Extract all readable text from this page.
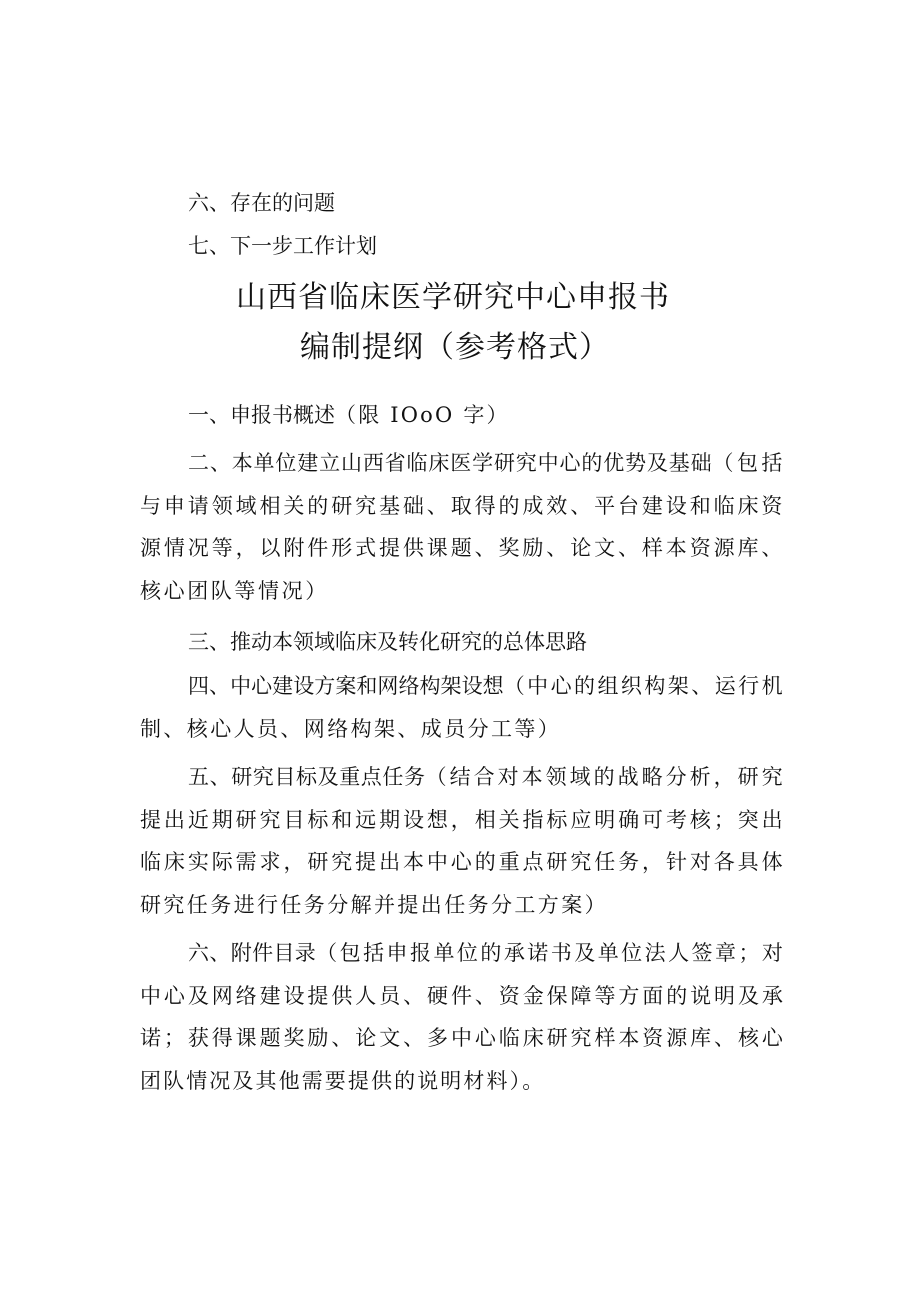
六、存在的问题
七、下一步工作计划
山西省临床医学研究中心申报书
编制提纲（参考格式）
一、申报书概述（限 IOoO 字）
二、本单位建立山西省临床医学研究中心的优势及基础（包括与申请领域相关的研究基础、取得的成效、平台建设和临床资源情况等，以附件形式提供课题、奖励、论文、样本资源库、核心团队等情况）
三、推动本领域临床及转化研究的总体思路
四、中心建设方案和网络构架设想（中心的组织构架、运行机制、核心人员、网络构架、成员分工等）
五、研究目标及重点任务（结合对本领域的战略分析，研究提出近期研究目标和远期设想，相关指标应明确可考核；突出临床实际需求，研究提出本中心的重点研究任务，针对各具体研究任务进行任务分解并提出任务分工方案）
六、附件目录（包括申报单位的承诺书及单位法人签章；对中心及网络建设提供人员、硬件、资金保障等方面的说明及承诺；获得课题奖励、论文、多中心临床研究样本资源库、核心团队情况及其他需要提供的说明材料）。
